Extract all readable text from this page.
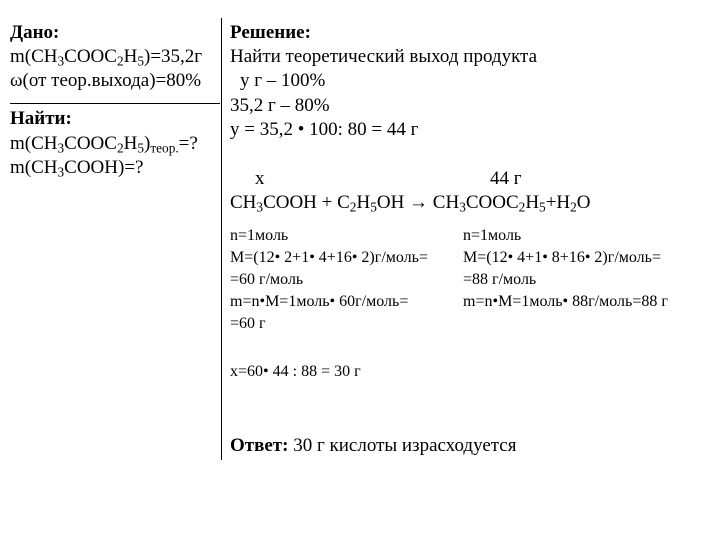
Дано:
$m(CH_3COOC_2H_5)=35,2г$
ω(от теор.выхода)=80%
Найти:
$m(CH_3COOC_2H_5)_{теор.}=$?
$m(CH_3COOH)=$?
Решение:
Найти теоретический выход продукта
у г – 100%
35,2 г – 80%
у = 35,2 • 100: 80 = 44 г
х	44 г
$CH_3COOH + C_2H_5OH$ → $CH_3COOC_2H_5+H_2O$
n=1моль
M=(12• 2+1• 4+16• 2)г/моль=
=60 г/моль
m=n•M=1моль• 60г/моль=
=60 г
n=1моль
M=(12• 4+1• 8+16• 2)г/моль=
=88 г/моль
m=n•M=1моль• 88г/моль=88 г
х=60• 44 : 88 = 30 г
Ответ: 30 г кислоты израсходуется
